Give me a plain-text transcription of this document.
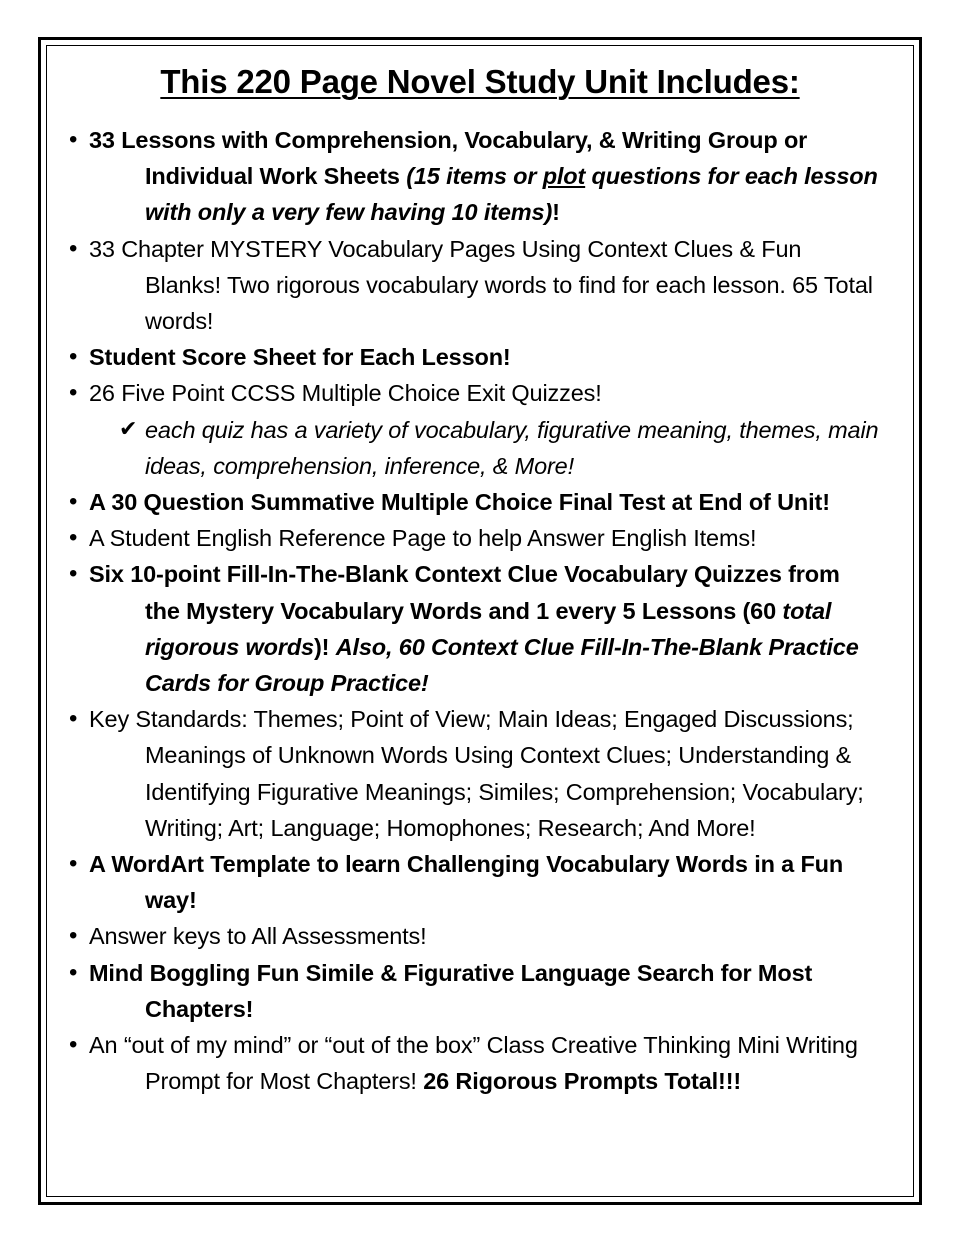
This 220 Page Novel Study Unit Includes:
• 33 Lessons with Comprehension, Vocabulary, & Writing Group or Individual Work Sheets (15 items or plot questions for each lesson with only a very few having 10 items)!
• 33 Chapter MYSTERY Vocabulary Pages Using Context Clues & Fun Blanks! Two rigorous vocabulary words to find for each lesson. 65 Total words!
• Student Score Sheet for Each Lesson!
• 26 Five Point CCSS Multiple Choice Exit Quizzes!
✔ each quiz has a variety of vocabulary, figurative meaning, themes, main ideas, comprehension, inference, & More!
• A 30 Question Summative Multiple Choice Final Test at End of Unit!
• A Student English Reference Page to help Answer English Items!
• Six 10-point Fill-In-The-Blank Context Clue Vocabulary Quizzes from the Mystery Vocabulary Words and 1 every 5 Lessons (60 total rigorous words)! Also, 60 Context Clue Fill-In-The-Blank Practice Cards for Group Practice!
• Key Standards: Themes; Point of View; Main Ideas; Engaged Discussions; Meanings of Unknown Words Using Context Clues; Understanding & Identifying Figurative Meanings; Similes; Comprehension; Vocabulary; Writing; Art; Language; Homophones; Research; And More!
• A WordArt Template to learn Challenging Vocabulary Words in a Fun way!
• Answer keys to All Assessments!
• Mind Boggling Fun Simile & Figurative Language Search for Most Chapters!
• An “out of my mind” or “out of the box” Class Creative Thinking Mini Writing Prompt for Most Chapters! 26 Rigorous Prompts Total!!!
